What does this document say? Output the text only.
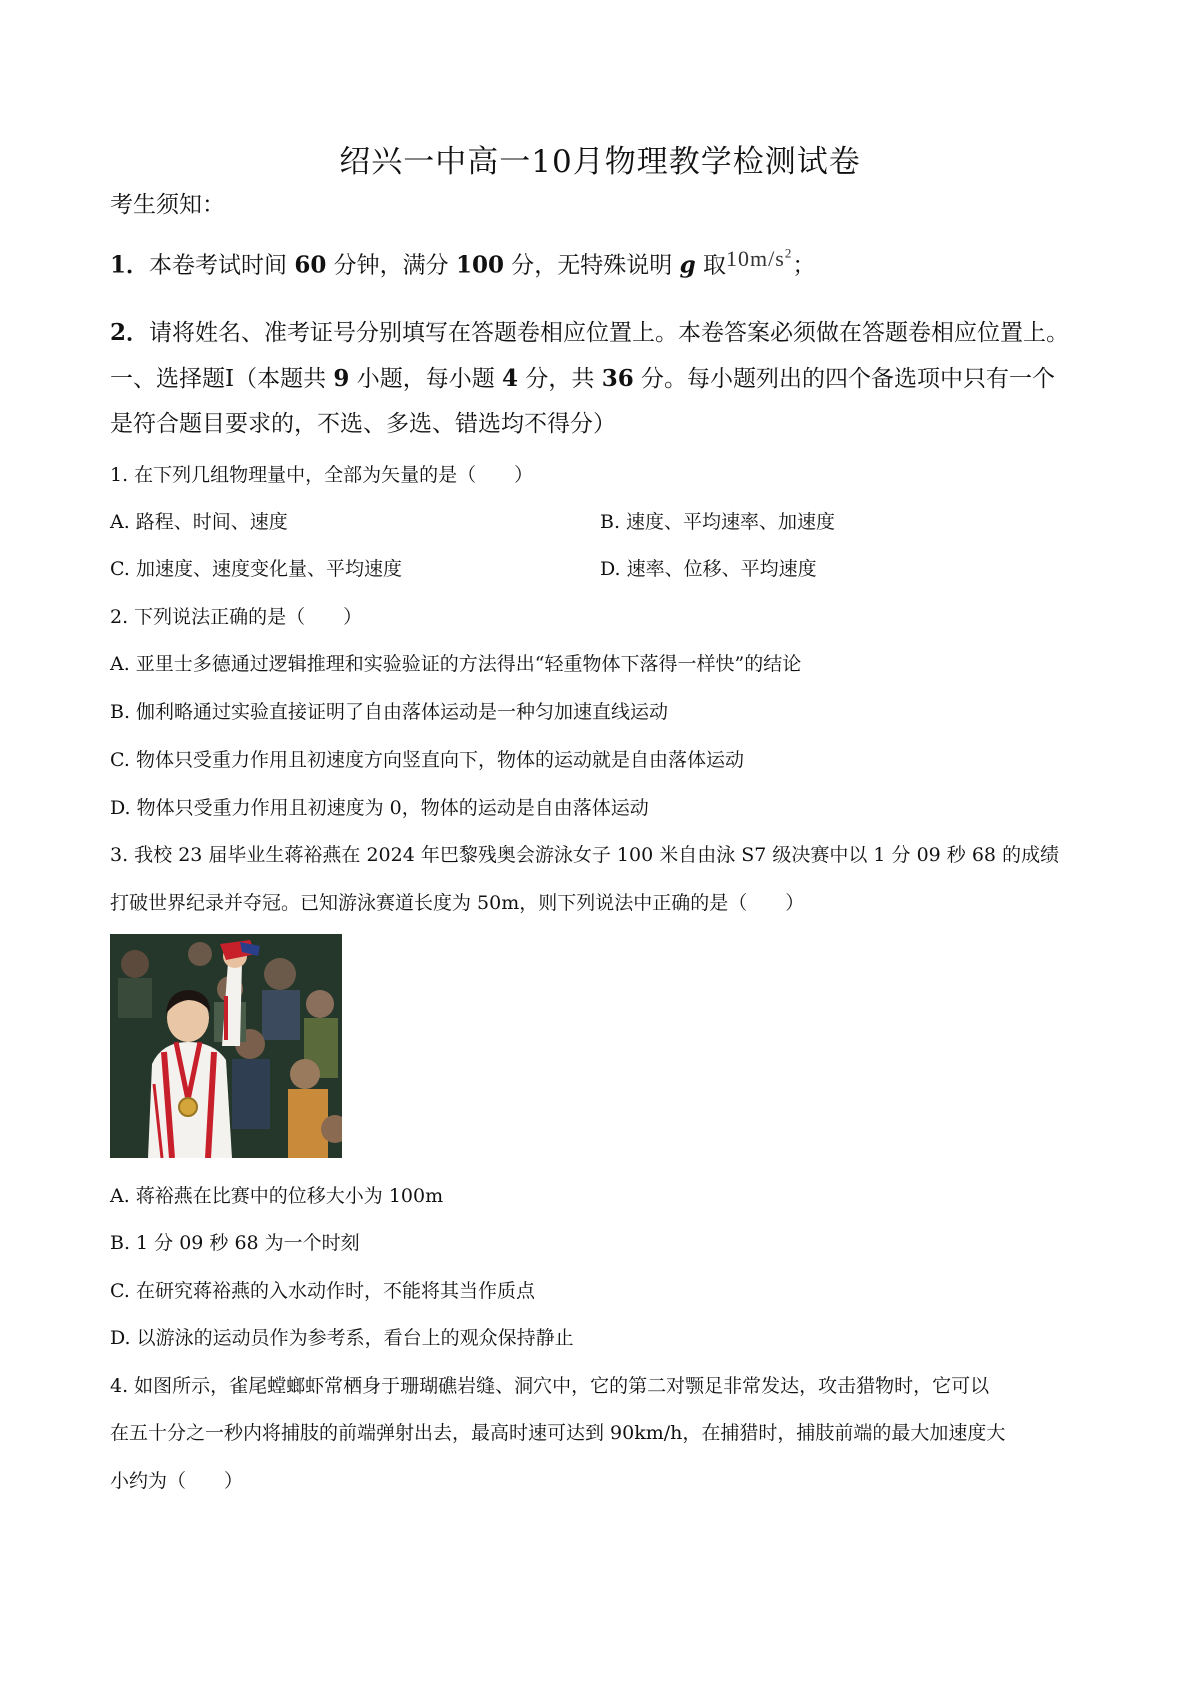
绍兴一中高一10月物理教学检测试卷
考生须知：
1．本卷考试时间 60 分钟，满分 100 分，无特殊说明 g 取$10m/s^2$；
2．请将姓名、准考证号分别填写在答题卷相应位置上。本卷答案必须做在答题卷相应位置上。
一、选择题Ⅰ（本题共 9 小题，每小题 4 分，共 36 分。每小题列出的四个备选项中只有一个
是符合题目要求的，不选、多选、错选均不得分）
1. 在下列几组物理量中，全部为矢量的是（　　）
A. 路程、时间、速度	B. 速度、平均速率、加速度
C. 加速度、速度变化量、平均速度	D. 速率、位移、平均速度
2. 下列说法正确的是（　　）
A. 亚里士多德通过逻辑推理和实验验证的方法得出“轻重物体下落得一样快”的结论
B. 伽利略通过实验直接证明了自由落体运动是一种匀加速直线运动
C. 物体只受重力作用且初速度方向竖直向下，物体的运动就是自由落体运动
D. 物体只受重力作用且初速度为 0，物体的运动是自由落体运动
3. 我校 23 届毕业生蒋裕燕在 2024 年巴黎残奥会游泳女子 100 米自由泳 S7 级决赛中以 1 分 09 秒 68 的成绩
打破世界纪录并夺冠。已知游泳赛道长度为 50m，则下列说法中正确的是（　　）
A. 蒋裕燕在比赛中的位移大小为 100m
B. 1 分 09 秒 68 为一个时刻
C. 在研究蒋裕燕的入水动作时，不能将其当作质点
D. 以游泳的运动员作为参考系，看台上的观众保持静止
4. 如图所示，雀尾螳螂虾常栖身于珊瑚礁岩缝、洞穴中，它的第二对颚足非常发达，攻击猎物时，它可以
在五十分之一秒内将捕肢的前端弹射出去，最高时速可达到 90km/h，在捕猎时，捕肢前端的最大加速度大
小约为（　　）
